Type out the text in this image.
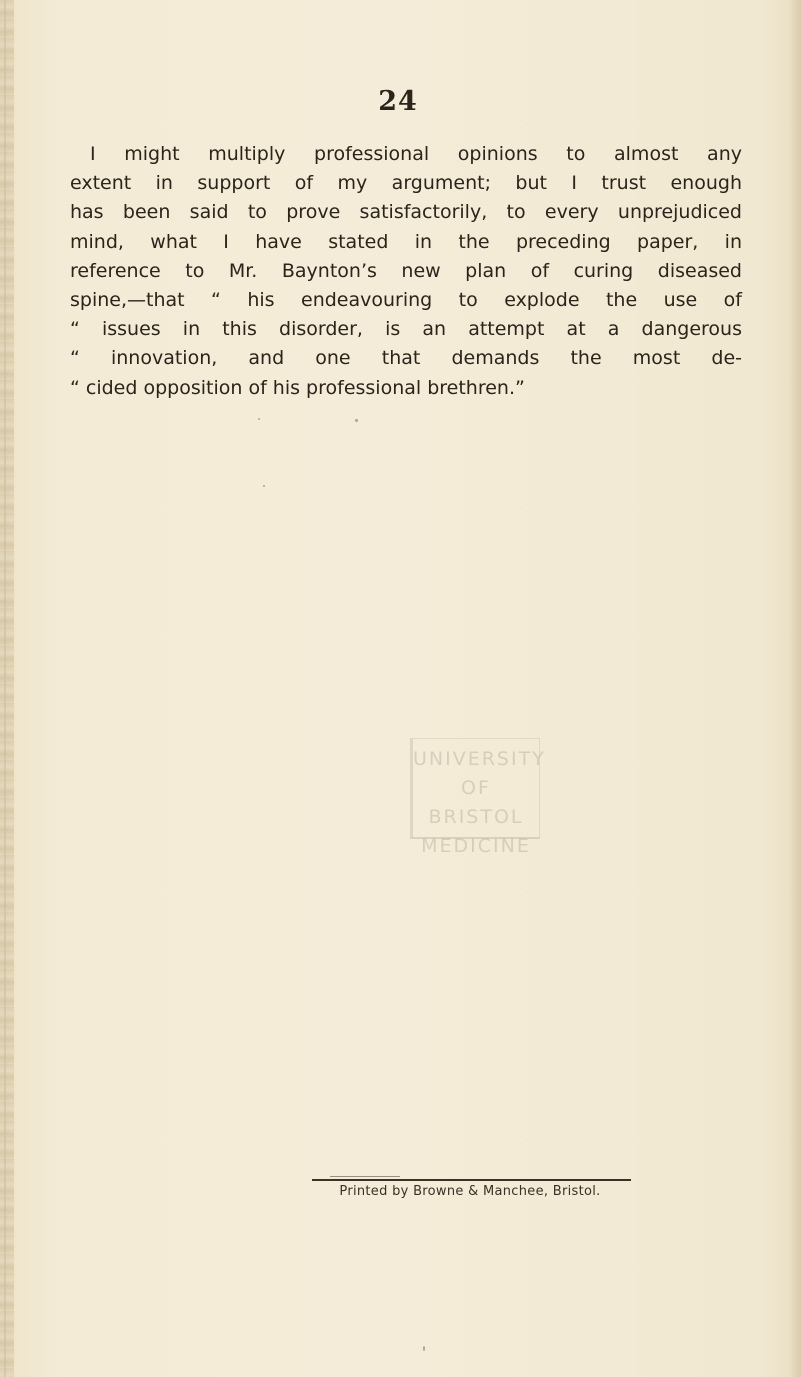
24
I might multiply professional opinions to almost any
extent in support of my argument; but I trust enough
has been said to prove satisfactorily, to every unprejudiced
mind, what I have stated in the preceding paper, in
reference to Mr. Baynton’s new plan of curing diseased
spine,—that “ his endeavouring to explode the use of
“ issues in this disorder, is an attempt at a dangerous
“ innovation, and one that demands the most de-
“ cided opposition of his professional brethren.”
UNIVERSITY
OF BRISTOL
MEDICINE
Printed by Browne & Manchee, Bristol.
